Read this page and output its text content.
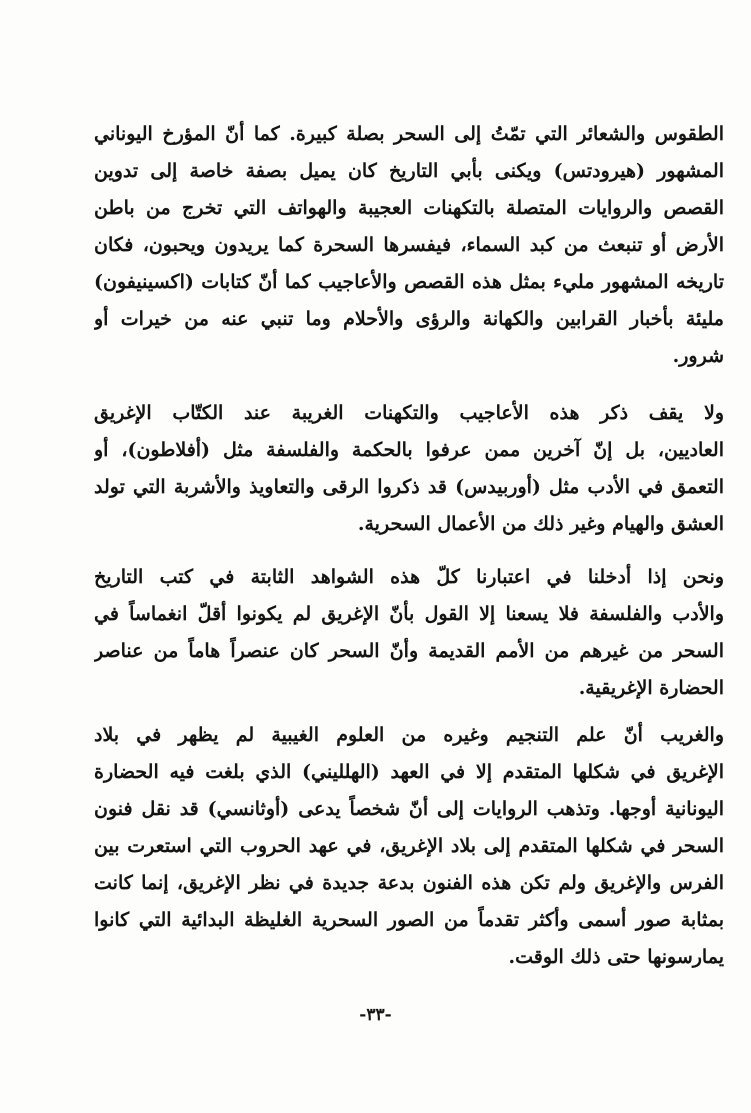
الطقوس والشعائر التي تمّتُ إلى السحر بصلة كبيرة. كما أنّ المؤرخ اليوناني
المشهور (هيرودتس) ويكنى بأبي التاريخ كان يميل بصفة خاصة إلى تدوين
القصص والروايات المتصلة بالتكهنات العجيبة والهواتف التي تخرج من باطن
الأرض أو تنبعث من كبد السماء، فيفسرها السحرة كما يريدون ويحبون، فكان
تاريخه المشهور مليء بمثل هذه القصص والأعاجيب كما أنّ كتابات (اكسينيفون)
مليئة بأخبار القرابين والكهانة والرؤى والأحلام وما تنبي عنه من خيرات أو
شرور.
ولا يقف ذكر هذه الأعاجيب والتكهنات الغريبة عند الكتّاب الإغريق
العاديين، بل إنّ آخرين ممن عرفوا بالحكمة والفلسفة مثل (أفلاطون)، أو
التعمق في الأدب مثل (أوربيدس) قد ذكروا الرقى والتعاويذ والأشربة التي تولد
العشق والهيام وغير ذلك من الأعمال السحرية.
ونحن إذا أدخلنا في اعتبارنا كلّ هذه الشواهد الثابتة في كتب التاريخ
والأدب والفلسفة فلا يسعنا إلا القول بأنّ الإغريق لم يكونوا أقلّ انغماساً في
السحر من غيرهم من الأمم القديمة وأنّ السحر كان عنصراً هاماً من عناصر
الحضارة الإغريقية.
والغريب أنّ علم التنجيم وغيره من العلوم الغيبية لم يظهر في بلاد
الإغريق في شكلها المتقدم إلا في العهد (الهلليني) الذي بلغت فيه الحضارة
اليونانية أوجها. وتذهب الروايات إلى أنّ شخصاً يدعى (أوثانسي) قد نقل فنون
السحر في شكلها المتقدم إلى بلاد الإغريق، في عهد الحروب التي استعرت بين
الفرس والإغريق ولم تكن هذه الفنون بدعة جديدة في نظر الإغريق، إنما كانت
بمثابة صور أسمى وأكثر تقدماً من الصور السحرية الغليظة البدائية التي كانوا
يمارسونها حتى ذلك الوقت.
-٣٣-
